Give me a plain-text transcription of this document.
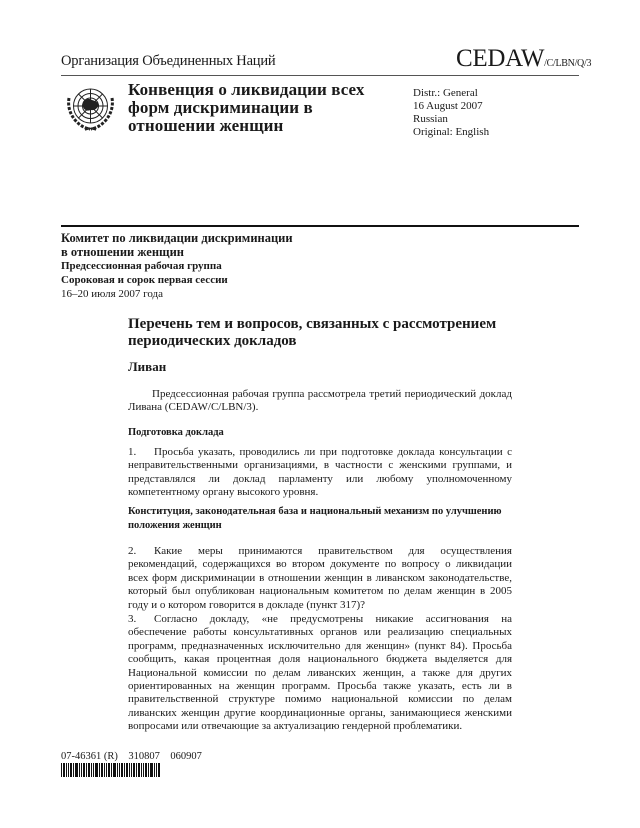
Организация Объединенных Наций	CEDAW/C/LBN/Q/3
Конвенция о ликвидации всех
форм дискриминации в
отношении женщин
Distr.: General
16 August 2007
Russian
Original: English
Комитет по ликвидации дискриминации
в отношении женщин
Предсессионная рабочая группа
Сороковая и сорок первая сессии
16–20 июля 2007 года
Перечень тем и вопросов, связанных с рассмотрением периодических докладов
Ливан
Предсессионная рабочая группа рассмотрела третий периодический доклад Ливана (CEDAW/C/LBN/3).
Подготовка доклада
1. Просьба указать, проводились ли при подготовке доклада консультации с неправительственными организациями, в частности с женскими группами, и представлялся ли доклад парламенту или любому уполномоченному компетентному органу высокого уровня.
Конституция, законодательная база и национальный механизм по улучшению положения женщин
2. Какие меры принимаются правительством для осуществления рекомендаций, содержащихся во втором документе по вопросу о ликвидации всех форм дискриминации в отношении женщин в ливанском законодательстве, который был опубликован национальным комитетом по делам женщин в 2005 году и о котором говорится в докладе (пункт 317)?
3. Согласно докладу, «не предусмотрены никакие ассигнования на обеспечение работы консультативных органов или реализацию специальных программ, предназначенных исключительно для женщин» (пункт 84). Просьба сообщить, какая процентная доля национального бюджета выделяется для Национальной комиссии по делам ливанских женщин, а также для других ориентированных на женщин программ. Просьба также указать, есть ли в правительственной структуре помимо национальной комиссии по делам ливанских женщин другие координационные органы, занимающиеся женскими вопросами или отвечающие за актуализацию гендерной проблематики.
07-46361 (R)    310807    060907
